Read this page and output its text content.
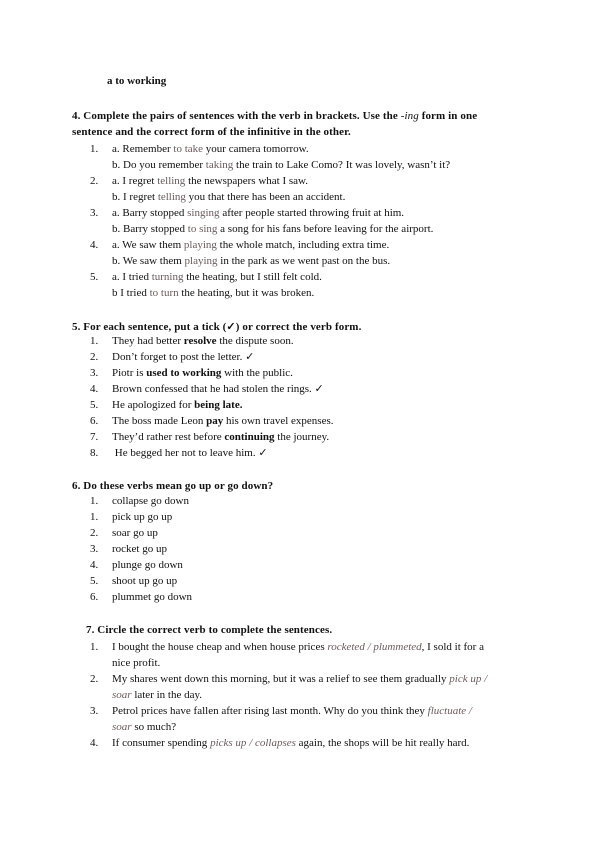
a to working
4. Complete the pairs of sentences with the verb in brackets. Use the -ing form in one
sentence and the correct form of the infinitive in the other.
1. a. Remember to take your camera tomorrow.
b. Do you remember taking the train to Lake Como? It was lovely, wasn’t it?
2. a. I regret telling the newspapers what I saw.
b. I regret telling you that there has been an accident.
3. a. Barry stopped singing after people started throwing fruit at him.
b. Barry stopped to sing a song for his fans before leaving for the airport.
4. a. We saw them playing the whole match, including extra time.
b. We saw them playing in the park as we went past on the bus.
5. a. I tried turning the heating, but I still felt cold.
b I tried to turn the heating, but it was broken.
5. For each sentence, put a tick (✓) or correct the verb form.
1. They had better resolve the dispute soon.
2. Don’t forget to post the letter. ✓
3. Piotr is used to working with the public.
4. Brown confessed that he had stolen the rings. ✓
5. He apologized for being late.
6. The boss made Leon pay his own travel expenses.
7. They’d rather rest before continuing the journey.
8. He begged her not to leave him. ✓
6. Do these verbs mean go up or go down?
1. collapse go down
1. pick up go up
2. soar go up
3. rocket go up
4. plunge go down
5. shoot up go up
6. plummet go down
7. Circle the correct verb to complete the sentences.
1. I bought the house cheap and when house prices rocketed / plummeted, I sold it for a
nice profit.
2. My shares went down this morning, but it was a relief to see them gradually pick up /
soar later in the day.
3. Petrol prices have fallen after rising last month. Why do you think they fluctuate /
soar so much?
4. If consumer spending picks up / collapses again, the shops will be hit really hard.
